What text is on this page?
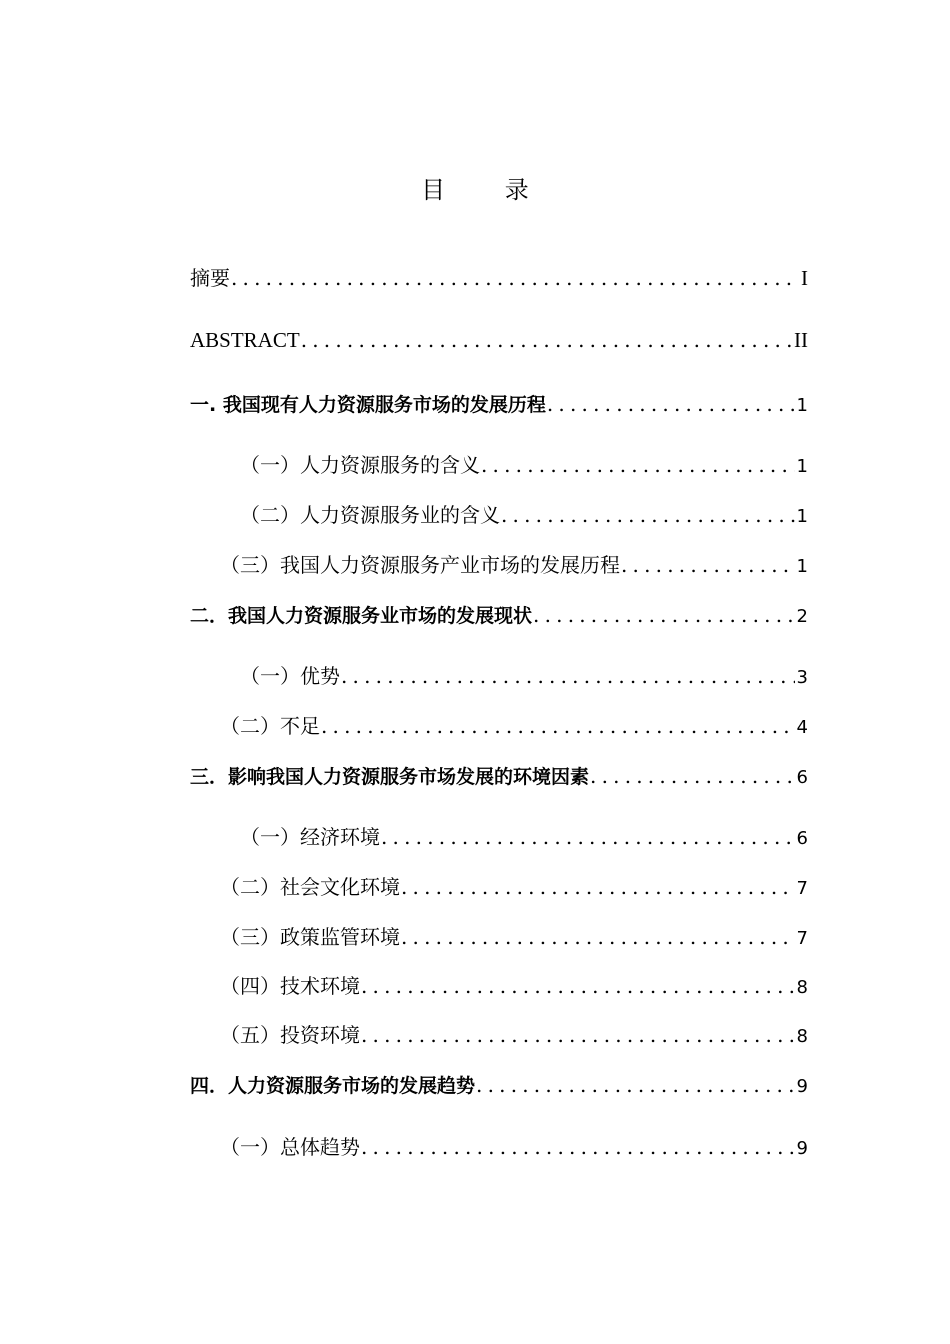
目 录
摘要 .....	I
ABSTRACT .....	II
一. 我国现有人力资源服务市场的发展历程 .....	1
（一）人力资源服务的含义 .....	1
（二）人力资源服务业的含义 .....	1
（三）我国人力资源服务产业市场的发展历程 .....	1
二．我国人力资源服务业市场的发展现状 .....	2
（一）优势 .....	3
（二）不足 .....	4
三．影响我国人力资源服务市场发展的环境因素 .....	6
（一）经济环境 .....	6
（二）社会文化环境 .....	7
（三）政策监管环境 .....	7
（四）技术环境 .....	8
（五）投资环境 .....	8
四．人力资源服务市场的发展趋势 .....	9
（一）总体趋势 .....	9
